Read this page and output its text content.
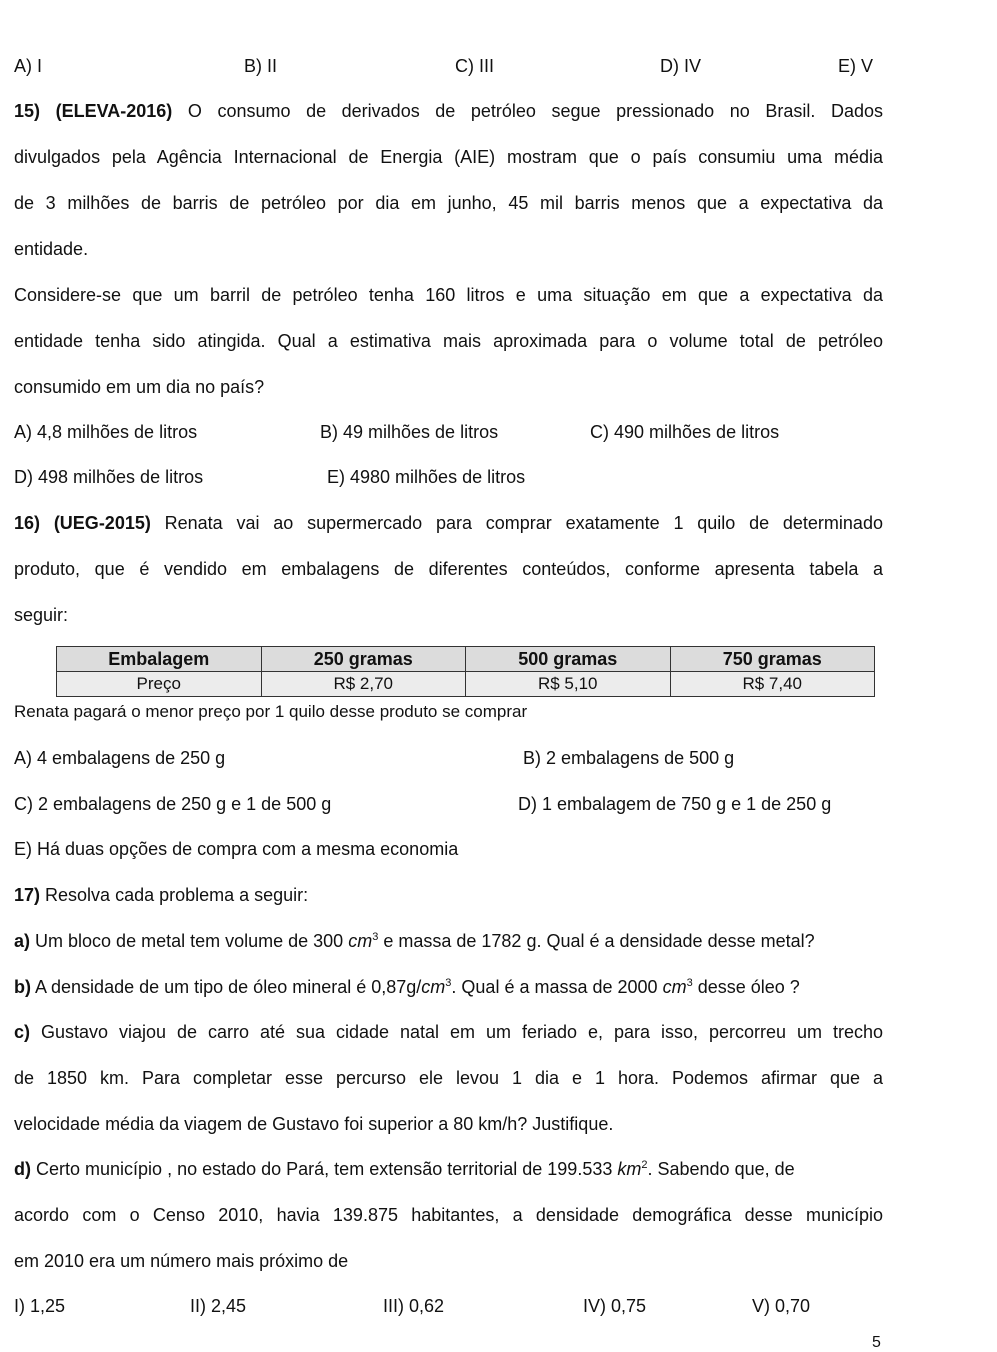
A) I	B) II	C) III	D) IV	E) V
15) (ELEVA-2016) O consumo de derivados de petróleo segue pressionado no Brasil. Dados
divulgados pela Agência Internacional de Energia (AIE) mostram que o país consumiu uma média
de 3 milhões de barris de petróleo por dia em junho, 45 mil barris menos que a expectativa da
entidade.
Considere-se que um barril de petróleo tenha 160 litros e uma situação em que a expectativa da
entidade tenha sido atingida. Qual a estimativa mais aproximada para o volume total de petróleo
consumido em um dia no país?
A) 4,8 milhões de litros	B) 49 milhões de litros	C) 490 milhões de litros
D) 498 milhões de litros	E) 4980 milhões de litros
16) (UEG-2015) Renata vai ao supermercado para comprar exatamente 1 quilo de determinado
produto, que é vendido em embalagens de diferentes conteúdos, conforme apresenta tabela a
seguir:
Embalagem	250 gramas	500 gramas	750 gramas
Preço	R$ 2,70	R$ 5,10	R$ 7,40
Renata pagará o menor preço por 1 quilo desse produto se comprar
A) 4 embalagens de 250 g	B) 2 embalagens de 500 g
C) 2 embalagens de 250 g e 1 de 500 g	D) 1 embalagem de 750 g e 1 de 250 g
E) Há duas opções de compra com a mesma economia
17) Resolva cada problema a seguir:
a) Um bloco de metal tem volume de 300 $cm^3$ e massa de 1782 g. Qual é a densidade desse metal?
b) A densidade de um tipo de óleo mineral é $0,87g/cm^3$. Qual é a massa de 2000 $cm^3$ desse óleo ?
c) Gustavo viajou de carro até sua cidade natal em um feriado e, para isso, percorreu um trecho
de 1850 km. Para completar esse percurso ele levou 1 dia e 1 hora. Podemos afirmar que a
velocidade média da viagem de Gustavo foi superior a 80 km/h? Justifique.
d) Certo município , no estado do Pará, tem extensão territorial de 199.533 $km^2$. Sabendo que, de
acordo com o Censo 2010, havia 139.875 habitantes, a densidade demográfica desse município
em 2010 era um número mais próximo de
I) 1,25	II) 2,45	III) 0,62	IV) 0,75	V) 0,70
5
